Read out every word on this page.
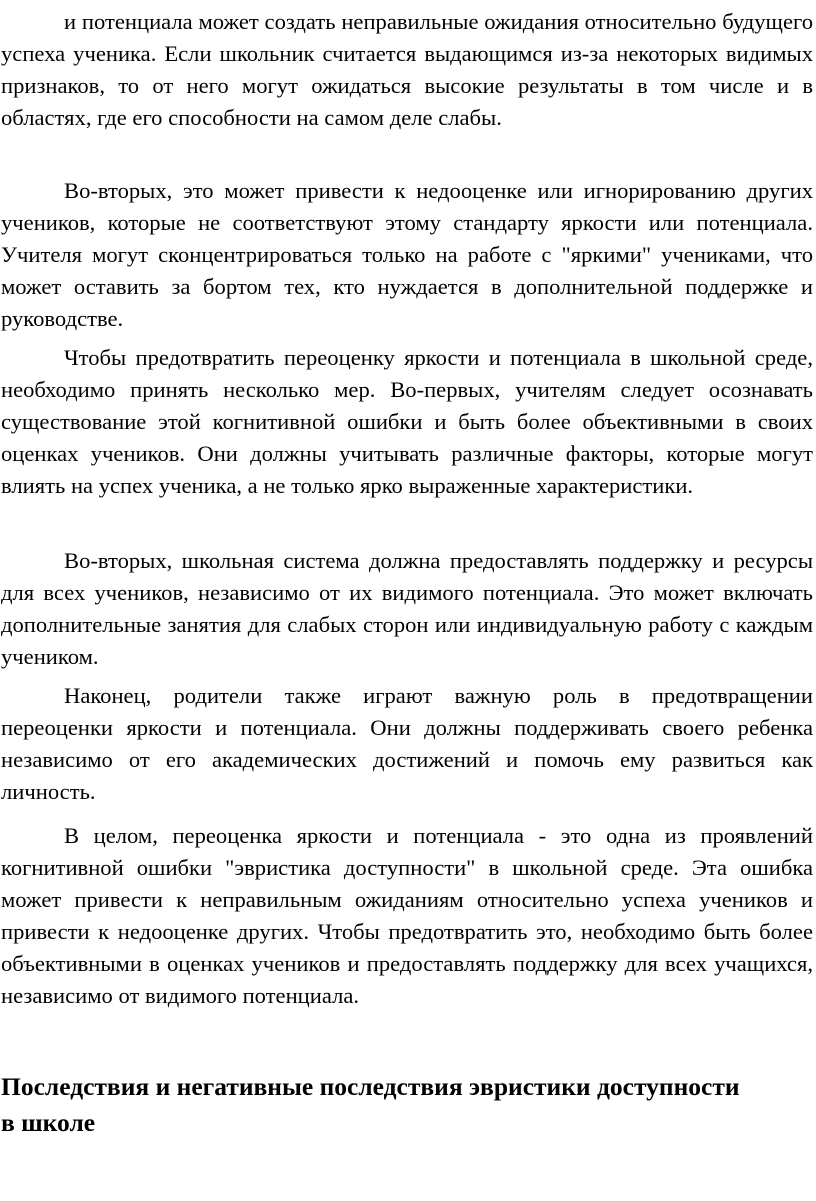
и потенциала может создать неправильные ожидания относительно будущего успеха ученика. Если школьник считается выдающимся из-за некоторых видимых признаков, то от него могут ожидаться высокие результаты в том числе и в областях, где его способности на самом деле слабы.

Во-вторых, это может привести к недооценке или игнорированию других учеников, которые не соответствуют этому стандарту яркости или потенциала. Учителя могут сконцентрироваться только на работе с "яркими" учениками, что может оставить за бортом тех, кто нуждается в дополнительной поддержке и руководстве.

Чтобы предотвратить переоценку яркости и потенциала в школьной среде, необходимо принять несколько мер. Во-первых, учителям следует осознавать существование этой когнитивной ошибки и быть более объективными в своих оценках учеников. Они должны учитывать различные факторы, которые могут влиять на успех ученика, а не только ярко выраженные характеристики.

Во-вторых, школьная система должна предоставлять поддержку и ресурсы для всех учеников, независимо от их видимого потенциала. Это может включать дополнительные занятия для слабых сторон или индивидуальную работу с каждым учеником.

Наконец, родители также играют важную роль в предотвращении переоценки яркости и потенциала. Они должны поддерживать своего ребенка независимо от его академических достижений и помочь ему развиться как личность.

В целом, переоценка яркости и потенциала - это одна из проявлений когнитивной ошибки "эвристика доступности" в школьной среде. Эта ошибка может привести к неправильным ожиданиям относительно успеха учеников и привести к недооценке других. Чтобы предотвратить это, необходимо быть более объективными в оценках учеников и предоставлять поддержку для всех учащихся, независимо от видимого потенциала.

Последствия и негативные последствия эвристики доступности в школе
